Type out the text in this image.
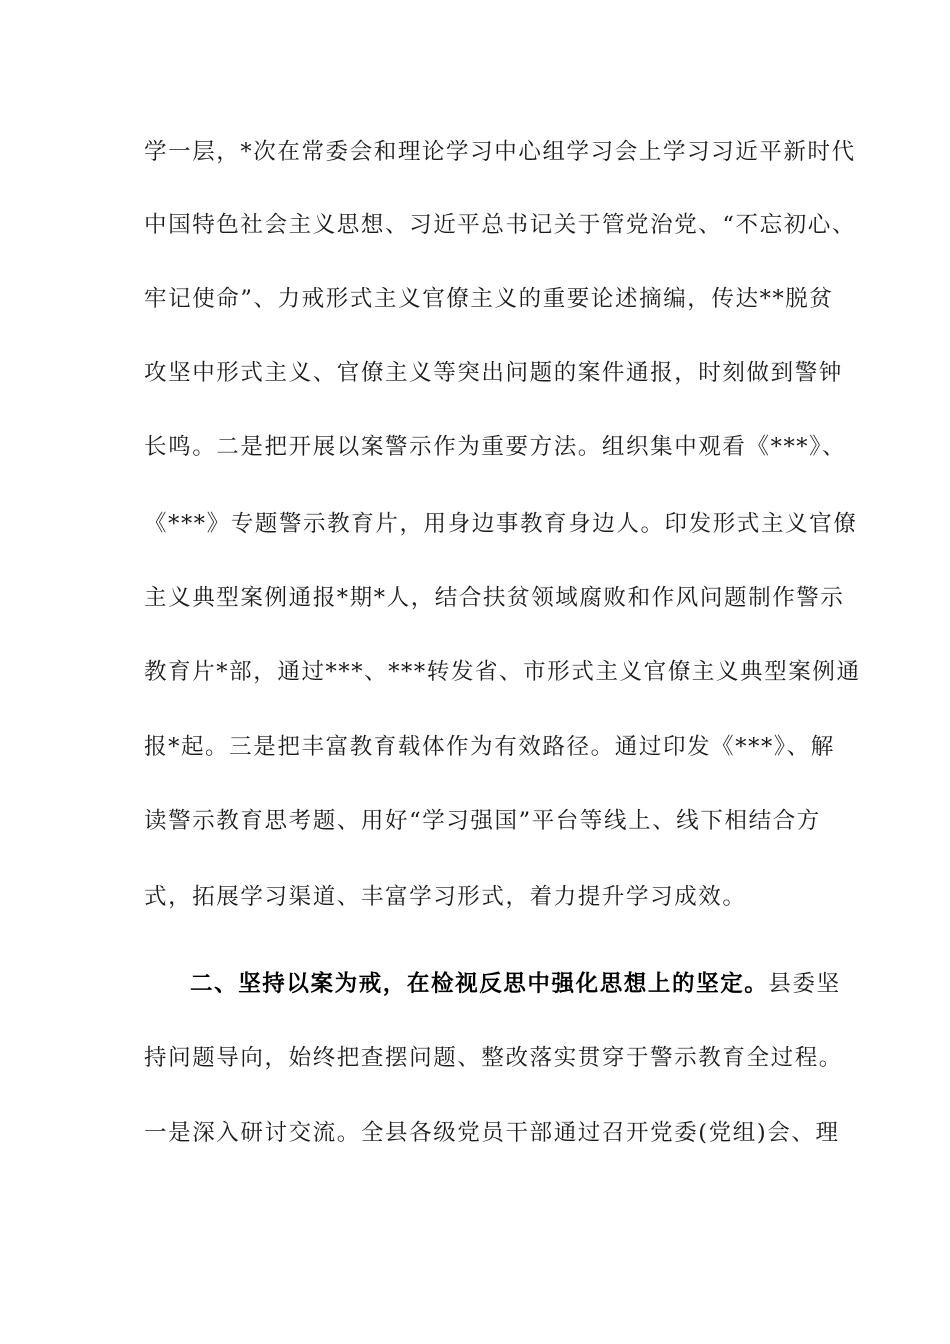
学一层，*次在常委会和理论学习中心组学习会上学习习近平新时代
中国特色社会主义思想、习近平总书记关于管党治党、“不忘初心、
牢记使命”、力戒形式主义官僚主义的重要论述摘编，传达**脱贫
攻坚中形式主义、官僚主义等突出问题的案件通报，时刻做到警钟
长鸣。二是把开展以案警示作为重要方法。组织集中观看《***》、
《***》专题警示教育片，用身边事教育身边人。印发形式主义官僚
主义典型案例通报*期*人，结合扶贫领域腐败和作风问题制作警示
教育片*部，通过***、***转发省、市形式主义官僚主义典型案例通
报*起。三是把丰富教育载体作为有效路径。通过印发《***》、解
读警示教育思考题、用好“学习强国”平台等线上、线下相结合方
式，拓展学习渠道、丰富学习形式，着力提升学习成效。
二、坚持以案为戒，在检视反思中强化思想上的坚定。县委坚
持问题导向，始终把查摆问题、整改落实贯穿于警示教育全过程。
一是深入研讨交流。全县各级党员干部通过召开党委(党组)会、理
